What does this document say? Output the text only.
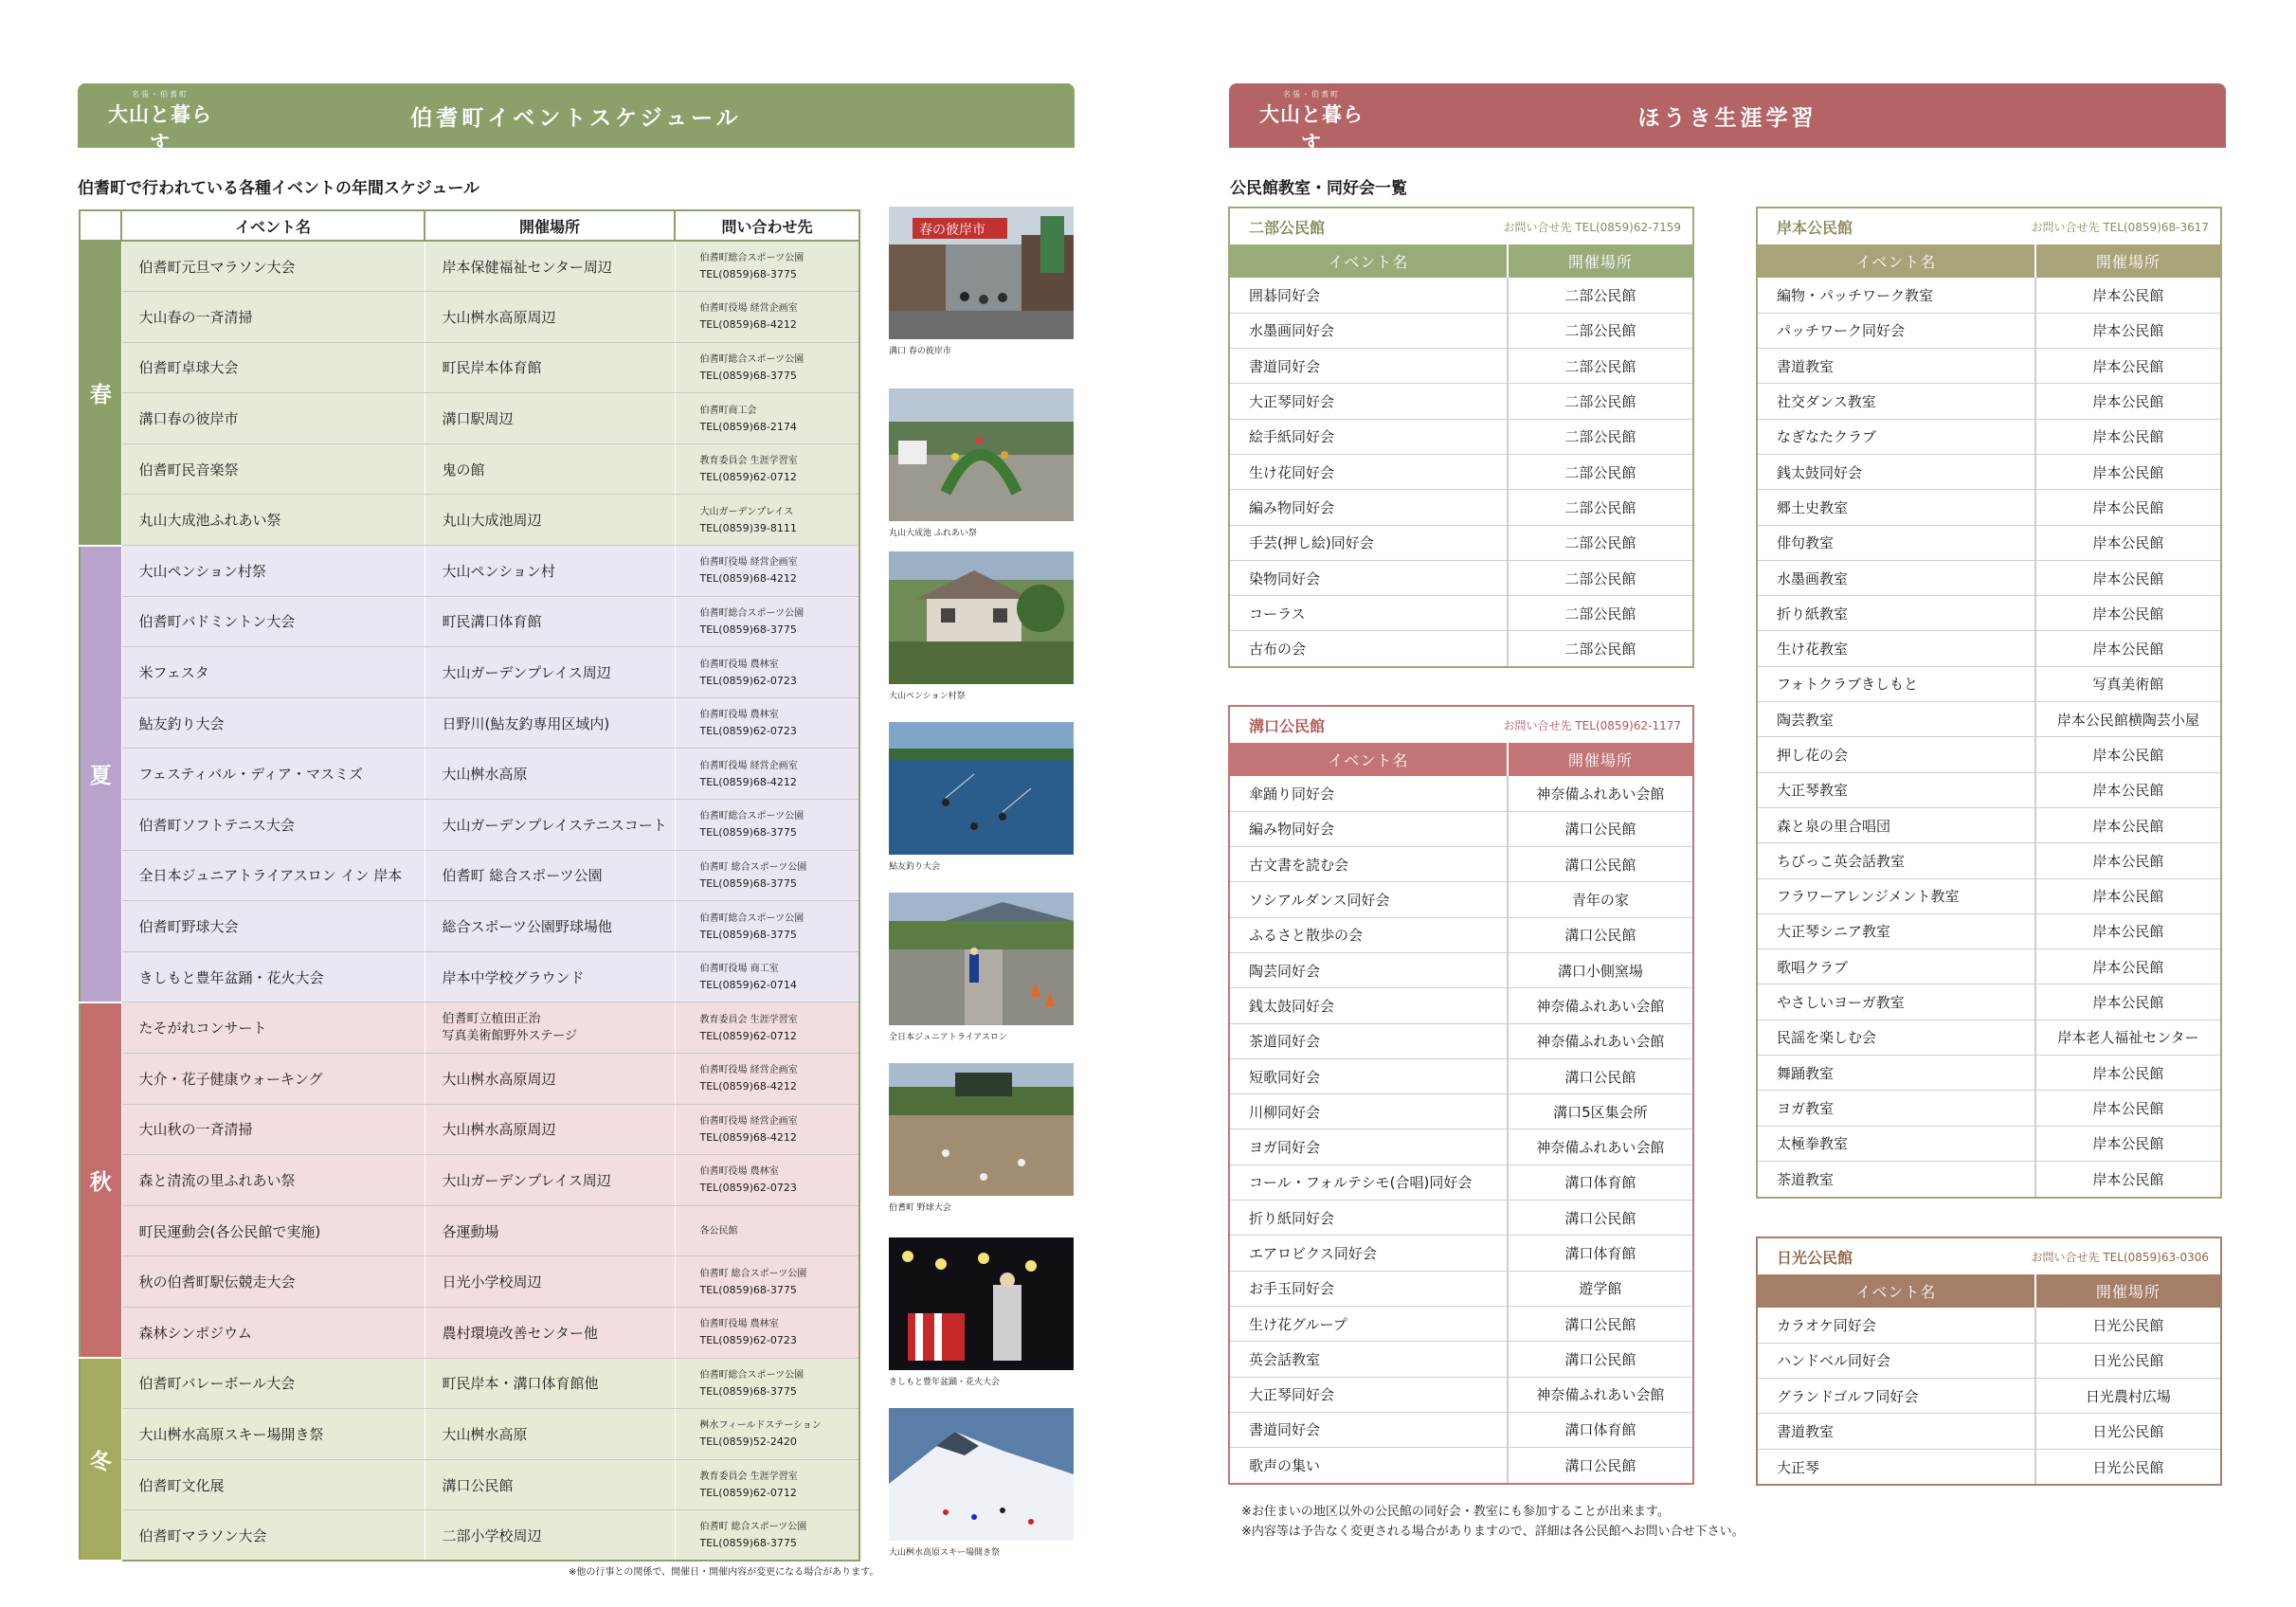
名張・伯耆町
大山と暮らす
伯耆町イベントスケジュール
伯耆町で行われている各種イベントの年間スケジュール
	イベント名	開催場所	問い合わせ先
春	伯耆町元旦マラソン大会	岸本保健福祉センター周辺	伯耆町総合スポーツ公園
TEL(0859)68-3775
	大山春の一斉清掃	大山桝水高原周辺	伯耆町役場 経営企画室
TEL(0859)68-4212
	伯耆町卓球大会	町民岸本体育館	伯耆町総合スポーツ公園
TEL(0859)68-3775
	溝口春の彼岸市	溝口駅周辺	伯耆町商工会
TEL(0859)68-2174
	伯耆町民音楽祭	鬼の館	教育委員会 生涯学習室
TEL(0859)62-0712
	丸山大成池ふれあい祭	丸山大成池周辺	大山ガーデンプレイス
TEL(0859)39-8111
夏	大山ペンション村祭	大山ペンション村	伯耆町役場 経営企画室
TEL(0859)68-4212
	伯耆町バドミントン大会	町民溝口体育館	伯耆町総合スポーツ公園
TEL(0859)68-3775
	米フェスタ	大山ガーデンプレイス周辺	伯耆町役場 農林室
TEL(0859)62-0723
	鮎友釣り大会	日野川(鮎友釣専用区域内)	伯耆町役場 農林室
TEL(0859)62-0723
	フェスティバル・ディア・マスミズ	大山桝水高原	伯耆町役場 経営企画室
TEL(0859)68-4212
	伯耆町ソフトテニス大会	大山ガーデンプレイステニスコート	伯耆町総合スポーツ公園
TEL(0859)68-3775
	全日本ジュニアトライアスロン イン 岸本	伯耆町 総合スポーツ公園	伯耆町 総合スポーツ公園
TEL(0859)68-3775
	伯耆町野球大会	総合スポーツ公園野球場他	伯耆町総合スポーツ公園
TEL(0859)68-3775
	きしもと豊年盆踊・花火大会	岸本中学校グラウンド	伯耆町役場 商工室
TEL(0859)62-0714
秋	たそがれコンサート	伯耆町立植田正治
写真美術館野外ステージ	教育委員会 生涯学習室
TEL(0859)62-0712
	大介・花子健康ウォーキング	大山桝水高原周辺	伯耆町役場 経営企画室
TEL(0859)68-4212
	大山秋の一斉清掃	大山桝水高原周辺	伯耆町役場 経営企画室
TEL(0859)68-4212
	森と清流の里ふれあい祭	大山ガーデンプレイス周辺	伯耆町役場 農林室
TEL(0859)62-0723
	町民運動会(各公民館で実施)	各運動場	各公民館

	秋の伯耆町駅伝競走大会	日光小学校周辺	伯耆町 総合スポーツ公園
TEL(0859)68-3775
	森林シンポジウム	農村環境改善センター他	伯耆町役場 農林室
TEL(0859)62-0723
冬	伯耆町バレーボール大会	町民岸本・溝口体育館他	伯耆町総合スポーツ公園
TEL(0859)68-3775
	大山桝水高原スキー場開き祭	大山桝水高原	桝水フィールドステーション
TEL(0859)52-2420
	伯耆町文化展	溝口公民館	教育委員会 生涯学習室
TEL(0859)62-0712
	伯耆町マラソン大会	二部小学校周辺	伯耆町 総合スポーツ公園
TEL(0859)68-3775
※他の行事との関係で、開催日・開催内容が変更になる場合があります。
春の彼岸市
溝口 春の彼岸市
丸山大成池 ふれあい祭
大山ペンション村祭
鮎友釣り大会
全日本ジュニアトライアスロン
伯耆町 野球大会
きしもと豊年盆踊・花火大会
大山桝水高原スキー場開き祭
名張・伯耆町
大山と暮らす
ほうき生涯学習
公民館教室・同好会一覧
二部公民館	お問い合せ先 TEL(0859)62-7159
イベント名	開催場所
囲碁同好会	二部公民館
水墨画同好会	二部公民館
書道同好会	二部公民館
大正琴同好会	二部公民館
絵手紙同好会	二部公民館
生け花同好会	二部公民館
編み物同好会	二部公民館
手芸(押し絵)同好会	二部公民館
染物同好会	二部公民館
コーラス	二部公民館
古布の会	二部公民館
溝口公民館	お問い合せ先 TEL(0859)62-1177
イベント名	開催場所
傘踊り同好会	神奈備ふれあい会館
編み物同好会	溝口公民館
古文書を読む会	溝口公民館
ソシアルダンス同好会	青年の家
ふるさと散歩の会	溝口公民館
陶芸同好会	溝口小側窯場
銭太鼓同好会	神奈備ふれあい会館
茶道同好会	神奈備ふれあい会館
短歌同好会	溝口公民館
川柳同好会	溝口5区集会所
ヨガ同好会	神奈備ふれあい会館
コール・フォルテシモ(合唱)同好会	溝口体育館
折り紙同好会	溝口公民館
エアロビクス同好会	溝口体育館
お手玉同好会	遊学館
生け花グループ	溝口公民館
英会話教室	溝口公民館
大正琴同好会	神奈備ふれあい会館
書道同好会	溝口体育館
歌声の集い	溝口公民館
岸本公民館	お問い合せ先 TEL(0859)68-3617
イベント名	開催場所
編物・パッチワーク教室	岸本公民館
パッチワーク同好会	岸本公民館
書道教室	岸本公民館
社交ダンス教室	岸本公民館
なぎなたクラブ	岸本公民館
銭太鼓同好会	岸本公民館
郷土史教室	岸本公民館
俳句教室	岸本公民館
水墨画教室	岸本公民館
折り紙教室	岸本公民館
生け花教室	岸本公民館
フォトクラブきしもと	写真美術館
陶芸教室	岸本公民館横陶芸小屋
押し花の会	岸本公民館
大正琴教室	岸本公民館
森と泉の里合唱団	岸本公民館
ちびっこ英会話教室	岸本公民館
フラワーアレンジメント教室	岸本公民館
大正琴シニア教室	岸本公民館
歌唱クラブ	岸本公民館
やさしいヨーガ教室	岸本公民館
民謡を楽しむ会	岸本老人福祉センター
舞踊教室	岸本公民館
ヨガ教室	岸本公民館
太極拳教室	岸本公民館
茶道教室	岸本公民館
日光公民館	お問い合せ先 TEL(0859)63-0306
イベント名	開催場所
カラオケ同好会	日光公民館
ハンドベル同好会	日光公民館
グランドゴルフ同好会	日光農村広場
書道教室	日光公民館
大正琴	日光公民館
※お住まいの地区以外の公民館の同好会・教室にも参加することが出来ます。
※内容等は予告なく変更される場合がありますので、詳細は各公民館へお問い合せ下さい。
